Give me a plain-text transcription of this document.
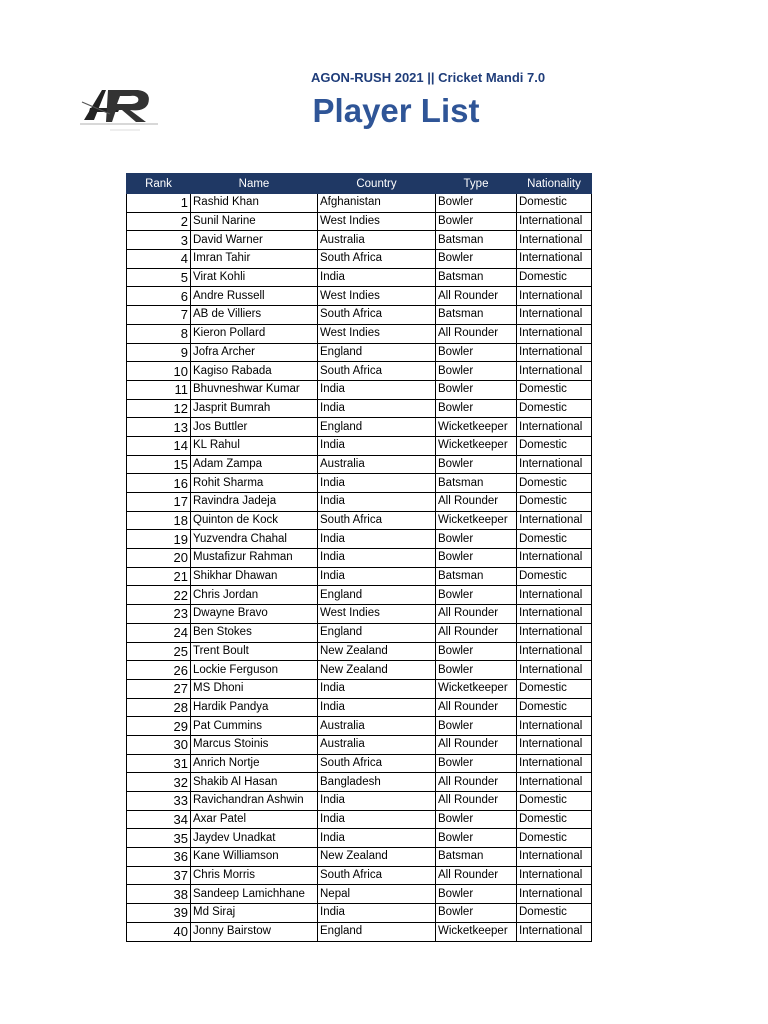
AGON-RUSH 2021 || Cricket Mandi 7.0
Player List
Rank	Name	Country	Type	Nationality
1	Rashid Khan	Afghanistan	Bowler	Domestic
2	Sunil Narine	West Indies	Bowler	International
3	David Warner	Australia	Batsman	International
4	Imran Tahir	South Africa	Bowler	International
5	Virat Kohli	India	Batsman	Domestic
6	Andre Russell	West Indies	All Rounder	International
7	AB de Villiers	South Africa	Batsman	International
8	Kieron Pollard	West Indies	All Rounder	International
9	Jofra Archer	England	Bowler	International
10	Kagiso Rabada	South Africa	Bowler	International
11	Bhuvneshwar Kumar	India	Bowler	Domestic
12	Jasprit Bumrah	India	Bowler	Domestic
13	Jos Buttler	England	Wicketkeeper	International
14	KL Rahul	India	Wicketkeeper	Domestic
15	Adam Zampa	Australia	Bowler	International
16	Rohit Sharma	India	Batsman	Domestic
17	Ravindra Jadeja	India	All Rounder	Domestic
18	Quinton de Kock	South Africa	Wicketkeeper	International
19	Yuzvendra Chahal	India	Bowler	Domestic
20	Mustafizur Rahman	India	Bowler	International
21	Shikhar Dhawan	India	Batsman	Domestic
22	Chris Jordan	England	Bowler	International
23	Dwayne Bravo	West Indies	All Rounder	International
24	Ben Stokes	England	All Rounder	International
25	Trent Boult	New Zealand	Bowler	International
26	Lockie Ferguson	New Zealand	Bowler	International
27	MS Dhoni	India	Wicketkeeper	Domestic
28	Hardik Pandya	India	All Rounder	Domestic
29	Pat Cummins	Australia	Bowler	International
30	Marcus Stoinis	Australia	All Rounder	International
31	Anrich Nortje	South Africa	Bowler	International
32	Shakib Al Hasan	Bangladesh	All Rounder	International
33	Ravichandran Ashwin	India	All Rounder	Domestic
34	Axar Patel	India	Bowler	Domestic
35	Jaydev Unadkat	India	Bowler	Domestic
36	Kane Williamson	New Zealand	Batsman	International
37	Chris Morris	South Africa	All Rounder	International
38	Sandeep Lamichhane	Nepal	Bowler	International
39	Md Siraj	India	Bowler	Domestic
40	Jonny Bairstow	England	Wicketkeeper	International
